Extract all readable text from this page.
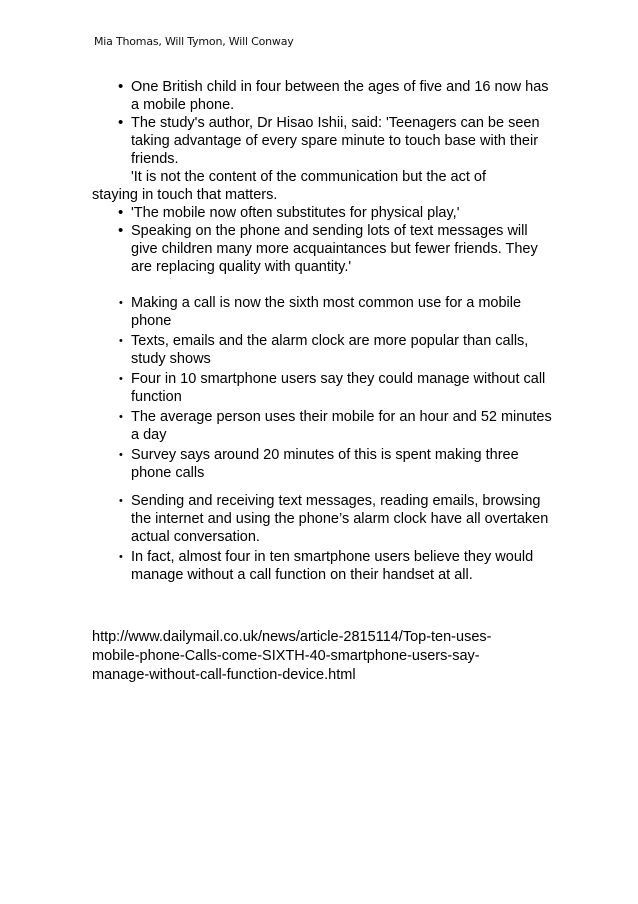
Mia Thomas, Will Tymon, Will Conway
• One British child in four between the ages of five and 16 now has a mobile phone.
• The study's author, Dr Hisao Ishii, said: 'Teenagers can be seen taking advantage of every spare minute to touch base with their friends.
'It is not the content of the communication but the act of
staying in touch that matters.
• 'The mobile now often substitutes for physical play,'
• Speaking on the phone and sending lots of text messages will give children many more acquaintances but fewer friends. They are replacing quality with quantity.'
• Making a call is now the sixth most common use for a mobile phone
• Texts, emails and the alarm clock are more popular than calls, study shows
• Four in 10 smartphone users say they could manage without call function
• The average person uses their mobile for an hour and 52 minutes a day
• Survey says around 20 minutes of this is spent making three phone calls
• Sending and receiving text messages, reading emails, browsing the internet and using the phone’s alarm clock have all overtaken actual conversation.
• In fact, almost four in ten smartphone users believe they would manage without a call function on their handset at all.
http://www.dailymail.co.uk/news/article-2815114/Top-ten-uses-
mobile-phone-Calls-come-SIXTH-40-smartphone-users-say-
manage-without-call-function-device.html
